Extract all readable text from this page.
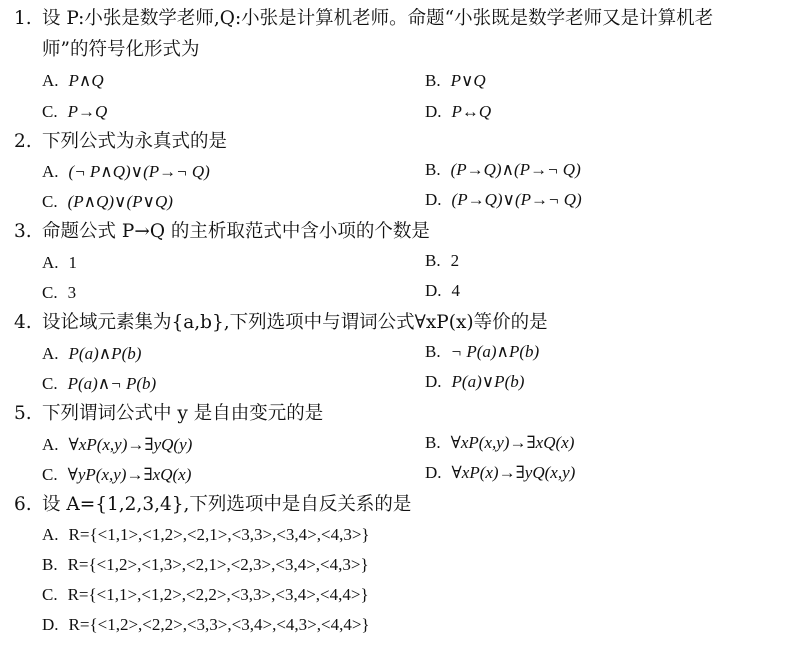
1. 设 P:小张是数学老师,Q:小张是计算机老师。命题“小张既是数学老师又是计算机老
师”的符号化形式为
A. P∧Q	B. P∨Q
C. P→Q	D. P↔Q
2. 下列公式为永真式的是
A. (¬ P∧Q)∨(P→¬ Q)	B. (P→Q)∧(P→¬ Q)
C. (P∧Q)∨(P∨Q)	D. (P→Q)∨(P→¬ Q)
3. 命题公式 P→Q 的主析取范式中含小项的个数是
A. 1	B. 2
C. 3	D. 4
4. 设论域元素集为{a,b},下列选项中与谓词公式∀xP(x)等价的是
A. P(a)∧P(b)	B. ¬ P(a)∧P(b)
C. P(a)∧¬ P(b)	D. P(a)∨P(b)
5. 下列谓词公式中 y 是自由变元的是
A. ∀xP(x,y)→∃yQ(y)	B. ∀xP(x,y)→∃xQ(x)
C. ∀yP(x,y)→∃xQ(x)	D. ∀xP(x)→∃yQ(x,y)
6. 设 A={1,2,3,4},下列选项中是自反关系的是
A. R={<1,1>,<1,2>,<2,1>,<3,3>,<3,4>,<4,3>}
B. R={<1,2>,<1,3>,<2,1>,<2,3>,<3,4>,<4,3>}
C. R={<1,1>,<1,2>,<2,2>,<3,3>,<3,4>,<4,4>}
D. R={<1,2>,<2,2>,<3,3>,<3,4>,<4,3>,<4,4>}
